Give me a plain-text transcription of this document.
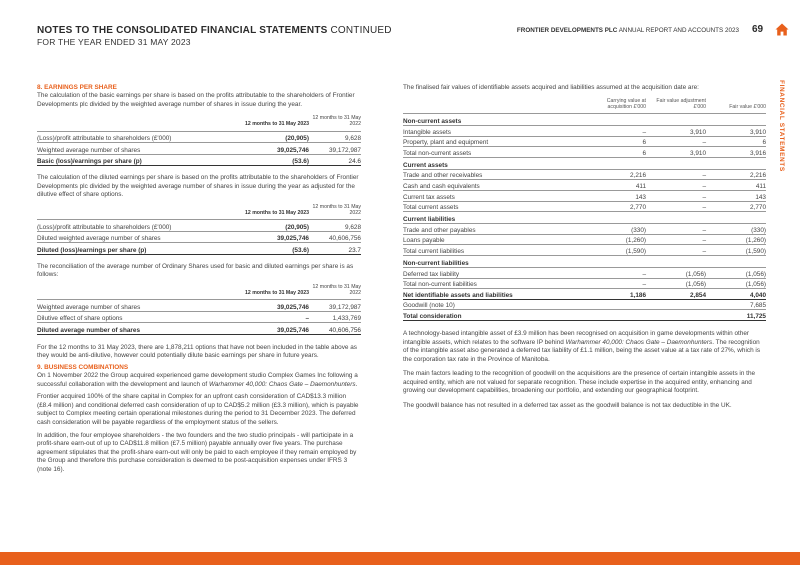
NOTES TO THE CONSOLIDATED FINANCIAL STATEMENTS CONTINUED
FOR THE YEAR ENDED 31 MAY 2023
FRONTIER DEVELOPMENTS PLC ANNUAL REPORT AND ACCOUNTS 2023 69
FINANCIAL STATEMENTS
8. EARNINGS PER SHARE

The calculation of the basic earnings per share is based on the profits attributable to the shareholders of Frontier Developments plc divided by the weighted average number of shares in issue during the year.

	12 months to 31 May 2023	12 months to 31 May 2022
(Loss)/profit attributable to shareholders (£'000)	(20,905)	9,628
Weighted average number of shares	39,025,746	39,172,987
Basic (loss)/earnings per share (p)	(53.6)	24.6

The calculation of the diluted earnings per share is based on the profits attributable to the shareholders of Frontier Developments plc divided by the weighted average number of shares in issue during the year as adjusted for the dilutive effect of share options.

	12 months to 31 May 2023	12 months to 31 May 2022
(Loss)/profit attributable to shareholders (£'000)	(20,905)	9,628
Diluted weighted average number of shares	39,025,746	40,606,756
Diluted (loss)/earnings per share (p)	(53.6)	23.7

The reconciliation of the average number of Ordinary Shares used for basic and diluted earnings per share is as follows:

	12 months to 31 May 2023	12 months to 31 May 2022
Weighted average number of shares	39,025,746	39,172,987
Dilutive effect of share options	–	1,433,769
Diluted average number of shares	39,025,746	40,606,756

For the 12 months to 31 May 2023, there are 1,878,211 options that have not been included in the table above as they would be anti-dilutive, however could potentially dilute basic earnings per share in future years.

9. BUSINESS COMBINATIONS

On 1 November 2022 the Group acquired experienced game development studio Complex Games Inc following a successful collaboration with the development and launch of Warhammer 40,000: Chaos Gate – Daemonhunters.

Frontier acquired 100% of the share capital in Complex for an upfront cash consideration of CAD$13.3 million (£8.4 million) and conditional deferred cash consideration of up to CAD$5.2 million (£3.3 million), which is payable subject to Complex meeting certain operational milestones during the period to 31 December 2023. The deferred cash consideration will be payable regardless of the employment status of the sellers.

In addition, the four employee shareholders - the two founders and the two studio principals - will participate in a profit-share earn-out of up to CAD$11.8 million (£7.5 million) payable annually over five years. The purchase agreement stipulates that the profit-share earn-out will only be paid to each employee if they remain employed by the Group and therefore this purchase consideration is deemed to be post-acquisition expenses under IFRS 3 (note 16).

The finalised fair values of identifiable assets acquired and liabilities assumed at the acquisition date are:

	Carrying value at acquisition £'000	Fair value adjustment £'000	Fair value £'000
Non-current assets			
Intangible assets	–	3,910	3,910
Property, plant and equipment	6	–	6
Total non-current assets	6	3,910	3,916
Current assets			
Trade and other receivables	2,216	–	2,216
Cash and cash equivalents	411	–	411
Current tax assets	143	–	143
Total current assets	2,770	–	2,770
Current liabilities			
Trade and other payables	(330)	–	(330)
Loans payable	(1,260)	–	(1,260)
Total current liabilities	(1,590)	–	(1,590)
Non-current liabilities			
Deferred tax liability	–	(1,056)	(1,056)
Total non-current liabilities	–	(1,056)	(1,056)
Net identifiable assets and liabilities	1,186	2,854	4,040
Goodwill (note 10)			7,685
Total consideration			11,725

A technology-based intangible asset of £3.9 million has been recognised on acquisition in game developments within other intangible assets, which relates to the software IP behind Warhammer 40,000: Chaos Gate – Daemonhunters. The recognition of the intangible asset also generated a deferred tax liability of £1.1 million, being the asset value at a tax rate of 27%, which is the corporation tax rate in the Province of Manitoba.

The main factors leading to the recognition of goodwill on the acquisitions are the presence of certain intangible assets in the acquired entity, which are not valued for separate recognition. These include expertise in the acquired entity, enhancing and growing our development capabilities, broadening our portfolio, and extending our geographical footprint.

The goodwill balance has not resulted in a deferred tax asset as the goodwill balance is not tax deductible in the UK.
